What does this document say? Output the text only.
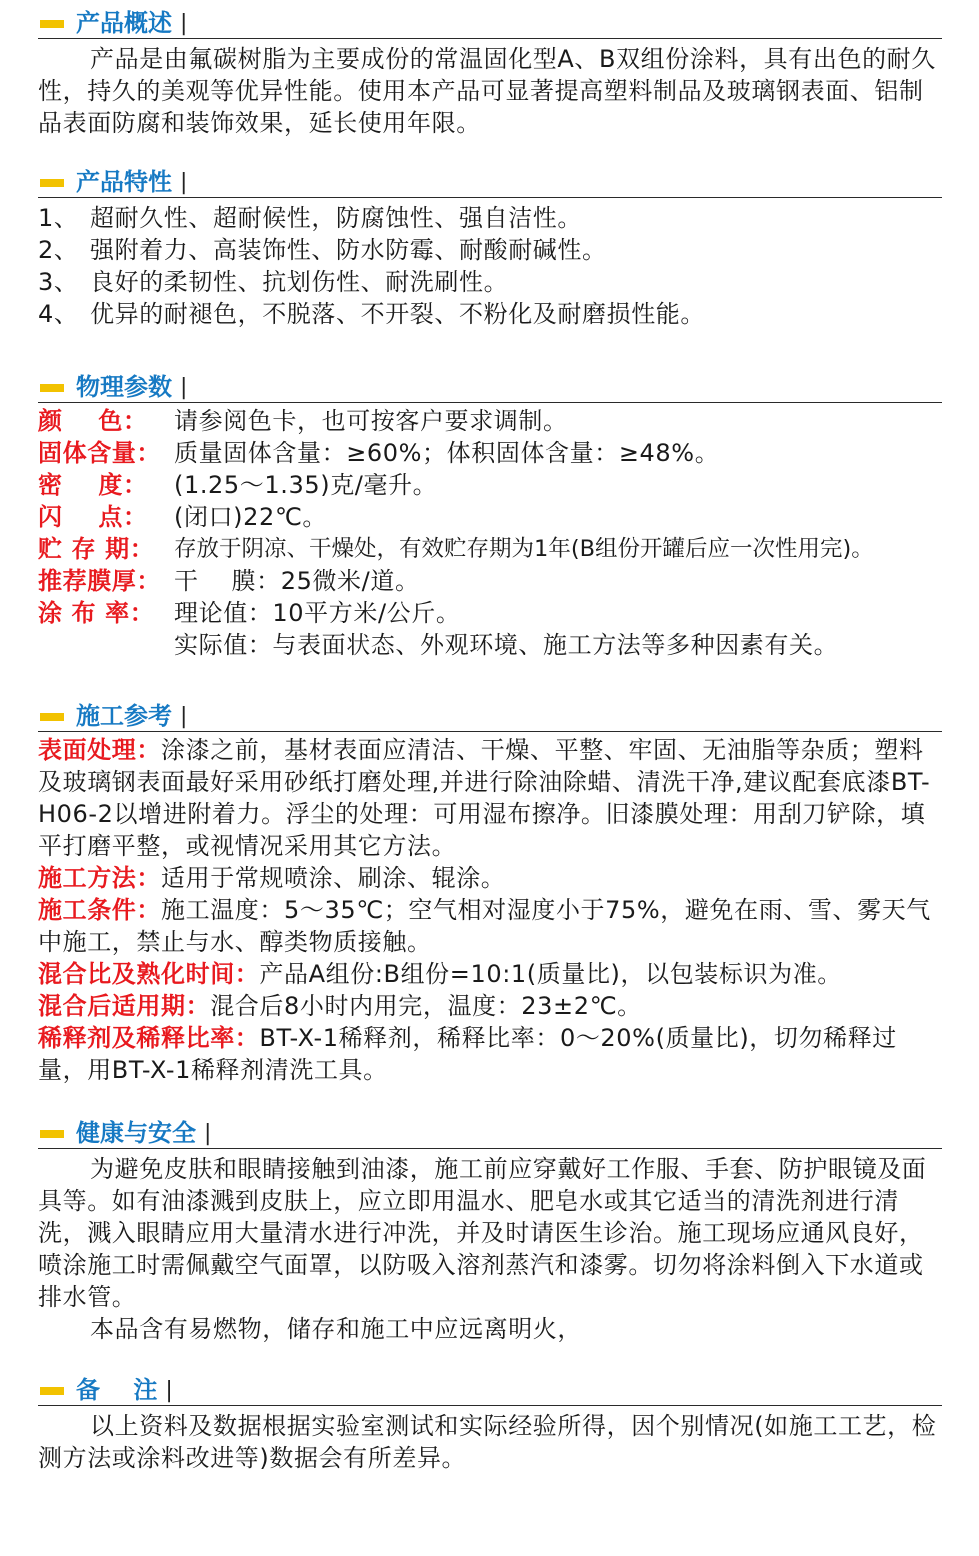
产品概述 |

产品是由氟碳树脂为主要成份的常温固化型A、B双组份涂料，具有出色的耐久性，持久的美观等优异性能。使用本产品可显著提高塑料制品及玻璃钢表面、铝制品表面防腐和装饰效果，延长使用年限。

产品特性 |
1、 超耐久性、超耐候性，防腐蚀性、强自洁性。
2、 强附着力、高装饰性、防水防霉、耐酸耐碱性。
3、 良好的柔韧性、抗划伤性、耐洗刷性。
4、 优异的耐褪色，不脱落、不开裂、不粉化及耐磨损性能。
物理参数 |
颜    色：	请参阅色卡，也可按客户要求调制。
固体含量： 质量固体含量：≥60%；体积固体含量：≥48%。
密    度：	(1.25～1.35)克/毫升。
闪    点：	(闭口)22℃。
贮 存 期： 存放于阴凉、干燥处，有效贮存期为1年(B组份开罐后应一次性用完)。
推荐膜厚： 干    膜：25微米/道。
涂 布 率： 理论值：10平方米/公斤。

实际值：与表面状态、外观环境、施工方法等多种因素有关。

施工参考 |

表面处理：涂漆之前，基材表面应清洁、干燥、平整、牢固、无油脂等杂质；塑料及玻璃钢表面最好采用砂纸打磨处理,并进行除油除蜡、清洗干净,建议配套底漆BT-H06-2以增进附着力。浮尘的处理：可用湿布擦净。旧漆膜处理：用刮刀铲除，填平打磨平整，或视情况采用其它方法。

施工方法：适用于常规喷涂、刷涂、辊涂。

施工条件：施工温度：5～35℃；空气相对湿度小于75%，避免在雨、雪、雾天气中施工，禁止与水、醇类物质接触。

混合比及熟化时间：产品A组份:B组份=10:1(质量比)，以包装标识为准。

混合后适用期：混合后8小时内用完，温度：23±2℃。

稀释剂及稀释比率：BT-X-1稀释剂，稀释比率：0～20%(质量比)，切勿稀释过量，用BT-X-1稀释剂清洗工具。

健康与安全 |

为避免皮肤和眼睛接触到油漆，施工前应穿戴好工作服、手套、防护眼镜及面具等。如有油漆溅到皮肤上，应立即用温水、肥皂水或其它适当的清洗剂进行清洗，溅入眼睛应用大量清水进行冲洗，并及时请医生诊治。施工现场应通风良好，喷涂施工时需佩戴空气面罩，以防吸入溶剂蒸汽和漆雾。切勿将涂料倒入下水道或排水管。

本品含有易燃物，储存和施工中应远离明火，

备    注 |

以上资料及数据根据实验室测试和实际经验所得，因个别情况(如施工工艺，检测方法或涂料改进等)数据会有所差异。
